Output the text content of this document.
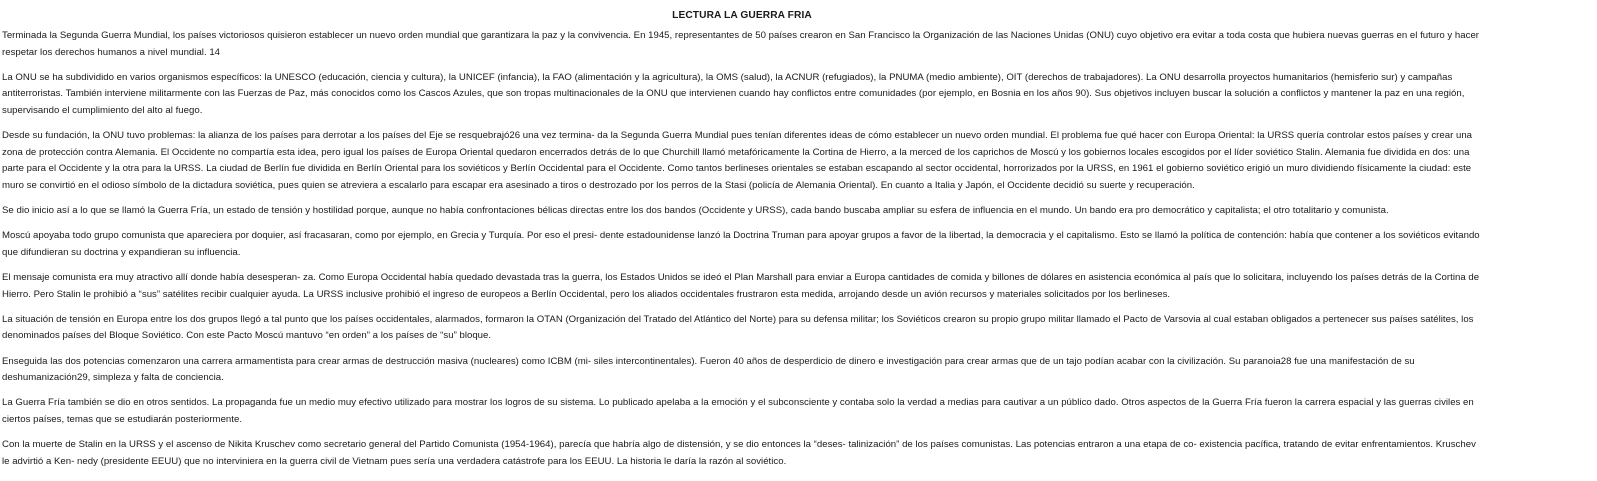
LECTURA LA GUERRA FRIA

Terminada la Segunda Guerra Mundial, los países victoriosos quisieron establecer un nuevo orden mundial que garantizara la paz y la convivencia. En 1945, representantes de 50 países crearon en San Francisco la Organización de las Naciones Unidas (ONU) cuyo objetivo era evitar a toda costa que hubiera nuevas guerras en el futuro y hacer respetar los derechos humanos a nivel mundial. 14

La ONU se ha subdividido en varios organismos específicos: la UNESCO (educación, ciencia y cultura), la UNICEF (infancia), la FAO (alimentación y la agricultura), la OMS (salud), la ACNUR (refugiados), la PNUMA (medio ambiente), OIT (derechos de trabajadores). La ONU desarrolla proyectos humanitarios (hemisferio sur) y campañas antiterroristas. También interviene militarmente con las Fuerzas de Paz, más conocidos como los Cascos Azules, que son tropas multinacionales de la ONU que intervienen cuando hay conflictos entre comunidades (por ejemplo, en Bosnia en los años 90). Sus objetivos incluyen buscar la solución a conflictos y mantener la paz en una región, supervisando el cumplimiento del alto al fuego.

Desde su fundación, la ONU tuvo problemas: la alianza de los países para derrotar a los países del Eje se resquebrajó26 una vez termina- da la Segunda Guerra Mundial pues tenían diferentes ideas de cómo establecer un nuevo orden mundial. El problema fue qué hacer con Europa Oriental: la URSS quería controlar estos países y crear una zona de protección contra Alemania. El Occidente no compartía esta idea, pero igual los países de Europa Oriental quedaron encerrados detrás de lo que Churchill llamó metafóricamente la Cortina de Hierro, a la merced de los caprichos de Moscú y los gobiernos locales escogidos por el líder soviético Stalin. Alemania fue dividida en dos: una parte para el Occidente y la otra para la URSS. La ciudad de Berlín fue dividida en Berlín Oriental para los soviéticos y Berlín Occidental para el Occidente. Como tantos berlineses orientales se estaban escapando al sector occidental, horrorizados por la URSS, en 1961 el gobierno soviético erigió un muro dividiendo físicamente la ciudad: este muro se convirtió en el odioso símbolo de la dictadura soviética, pues quien se atreviera a escalarlo para escapar era asesinado a tiros o destrozado por los perros de la Stasi (policía de Alemania Oriental). En cuanto a Italia y Japón, el Occidente decidió su suerte y recuperación.

Se dio inicio así a lo que se llamó la Guerra Fría, un estado de tensión y hostilidad porque, aunque no había confrontaciones bélicas directas entre los dos bandos (Occidente y URSS), cada bando buscaba ampliar su esfera de influencia en el mundo. Un bando era pro democrático y capitalista; el otro totalitario y comunista.

Moscú apoyaba todo grupo comunista que apareciera por doquier, así fracasaran, como por ejemplo, en Grecia y Turquía. Por eso el presi- dente estadounidense lanzó la Doctrina Truman para apoyar grupos a favor de la libertad, la democracia y el capitalismo. Esto se llamó la política de contención: había que contener a los soviéticos evitando que difundieran su doctrina y expandieran su influencia.

El mensaje comunista era muy atractivo allí donde había desesperan- za. Como Europa Occidental había quedado devastada tras la guerra, los Estados Unidos se ideó el Plan Marshall para enviar a Europa cantidades de comida y billones de dólares en asistencia económica al país que lo solicitara, incluyendo los países detrás de la Cortina de Hierro. Pero Stalin le prohibió a “sus” satélites recibir cualquier ayuda. La URSS inclusive prohibió el ingreso de europeos a Berlín Occidental, pero los aliados occidentales frustraron esta medida, arrojando desde un avión recursos y materiales solicitados por los berlineses.

La situación de tensión en Europa entre los dos grupos llegó a tal punto que los países occidentales, alarmados, formaron la OTAN (Organización del Tratado del Atlántico del Norte) para su defensa militar; los Soviéticos crearon su propio grupo militar llamado el Pacto de Varsovia al cual estaban obligados a pertenecer sus países satélites, los denominados países del Bloque Soviético. Con este Pacto Moscú mantuvo “en orden” a los países de “su” bloque.

Enseguida las dos potencias comenzaron una carrera armamentista para crear armas de destrucción masiva (nucleares) como ICBM (mi- siles intercontinentales). Fueron 40 años de desperdicio de dinero e investigación para crear armas que de un tajo podían acabar con la civilización. Su paranoia28 fue una manifestación de su deshumanización29, simpleza y falta de conciencia.

La Guerra Fría también se dio en otros sentidos. La propaganda fue un medio muy efectivo utilizado para mostrar los logros de su sistema. Lo publicado apelaba a la emoción y el subconsciente y contaba solo la verdad a medias para cautivar a un público dado. Otros aspectos de la Guerra Fría fueron la carrera espacial y las guerras civiles en ciertos países, temas que se estudiarán posteriormente.

Con la muerte de Stalin en la URSS y el ascenso de Nikita Kruschev como secretario general del Partido Comunista (1954-1964), parecía que habría algo de distensión, y se dio entonces la “deses- talinización” de los países comunistas. Las potencias entraron a una etapa de co- existencia pacífica, tratando de evitar enfrentamientos. Kruschev le advirtió a Ken- nedy (presidente EEUU) que no interviniera en la guerra civil de Vietnam pues sería una verdadera catástrofe para los EEUU. La historia le daría la razón al soviético.
